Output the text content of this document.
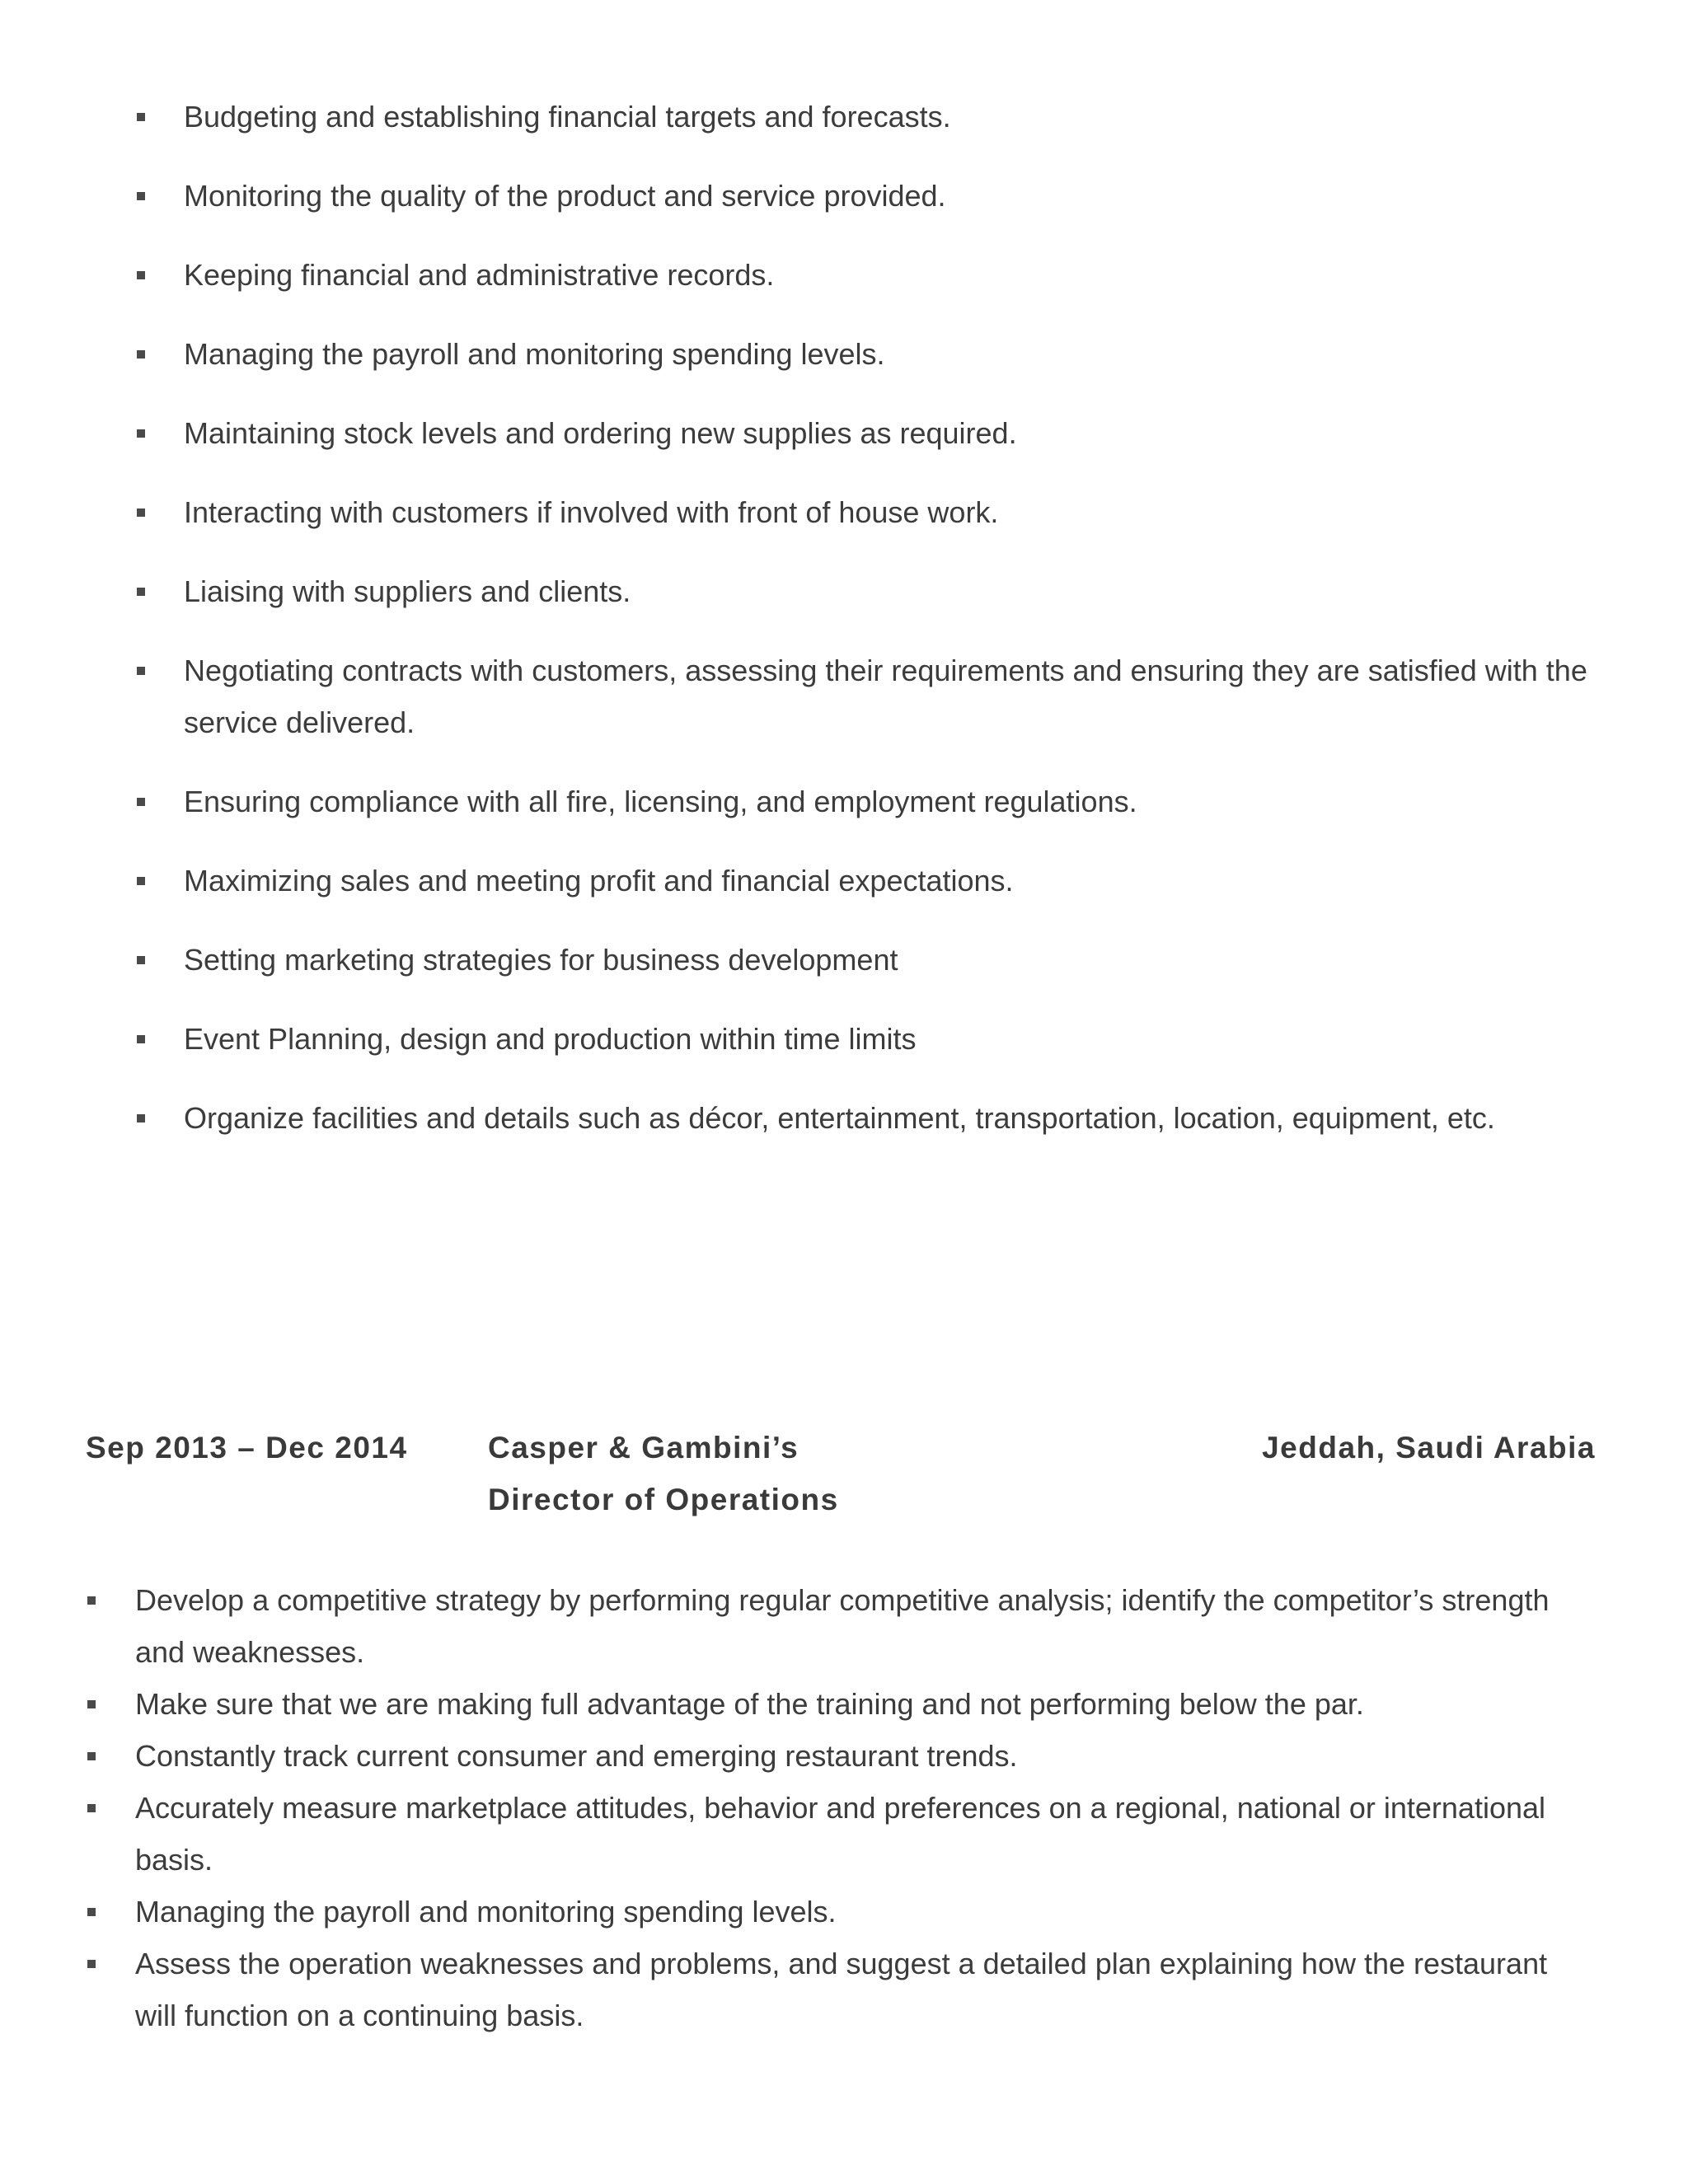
Budgeting and establishing financial targets and forecasts.
Monitoring the quality of the product and service provided.
Keeping financial and administrative records.
Managing the payroll and monitoring spending levels.
Maintaining stock levels and ordering new supplies as required.
Interacting with customers if involved with front of house work.
Liaising with suppliers and clients.
Negotiating contracts with customers, assessing their requirements and ensuring they are satisfied with the service delivered.
Ensuring compliance with all fire, licensing, and employment regulations.
Maximizing sales and meeting profit and financial expectations.
Setting marketing strategies for business development
Event Planning, design and production within time limits
Organize facilities and details such as décor, entertainment, transportation, location, equipment, etc.
Sep 2013 – Dec 2014	Casper & Gambini’s
Director of Operations
Jeddah, Saudi Arabia
Develop a competitive strategy by performing regular competitive analysis; identify the competitor’s strength and weaknesses.
Make sure that we are making full advantage of the training and not performing below the par.
Constantly track current consumer and emerging restaurant trends.
Accurately measure marketplace attitudes, behavior and preferences on a regional, national or international basis.
Managing the payroll and monitoring spending levels.
Assess the operation weaknesses and problems, and suggest a detailed plan explaining how the restaurant will function on a continuing basis.
